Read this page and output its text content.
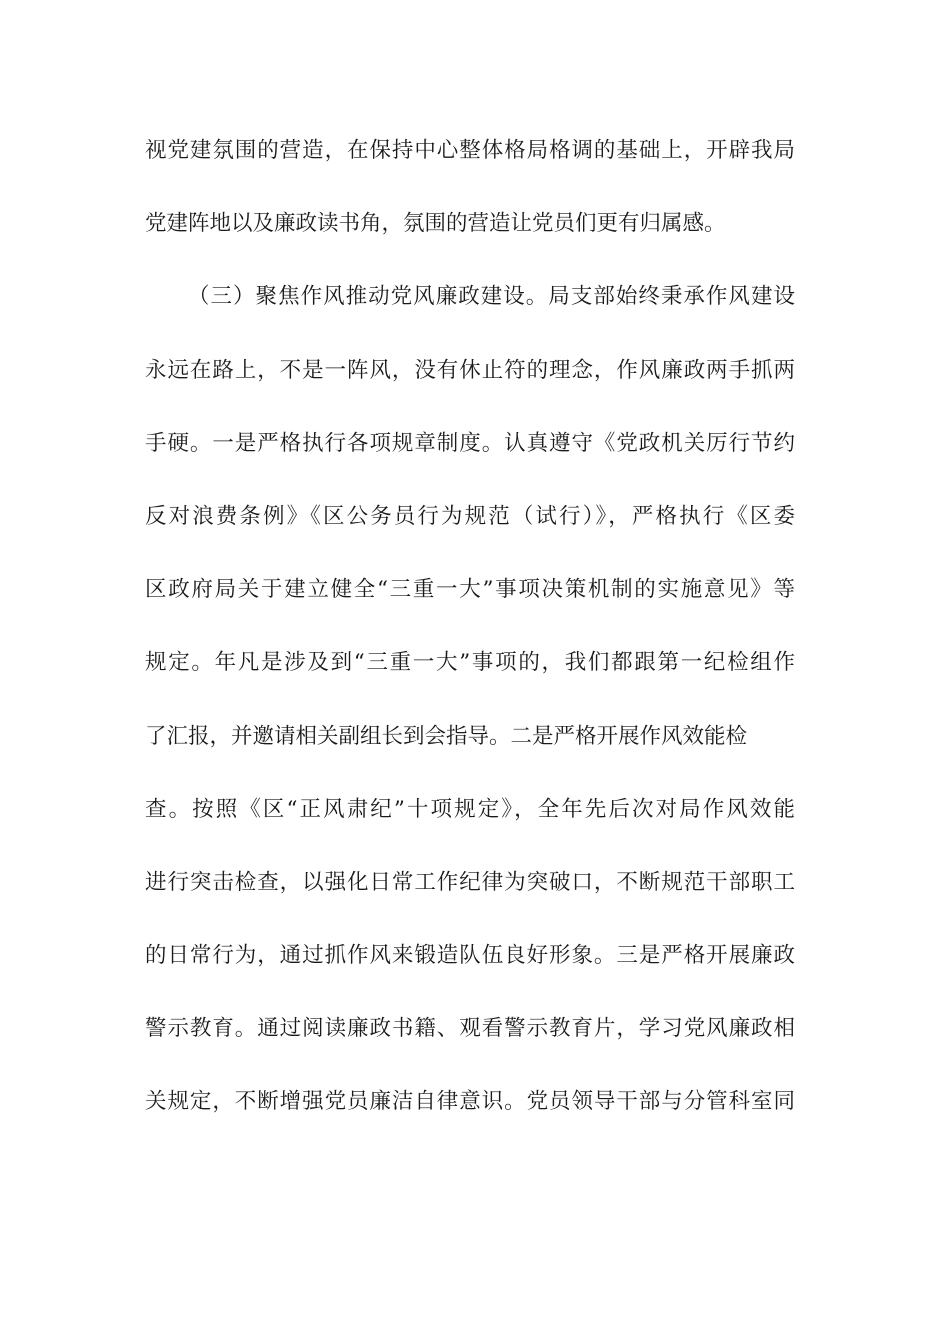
视党建氛围的营造，在保持中心整体格局格调的基础上，开辟我局
党建阵地以及廉政读书角，氛围的营造让党员们更有归属感。
（三）聚焦作风推动党风廉政建设。局支部始终秉承作风建设
永远在路上，不是一阵风，没有休止符的理念，作风廉政两手抓两
手硬。一是严格执行各项规章制度。认真遵守《党政机关厉行节约
反对浪费条例》《区公务员行为规范（试行）》，严格执行《区委
区政府局关于建立健全“三重一大”事项决策机制的实施意见》等
规定。年凡是涉及到“三重一大”事项的，我们都跟第一纪检组作
了汇报，并邀请相关副组长到会指导。二是严格开展作风效能检
查。按照《区“正风肃纪”十项规定》，全年先后次对局作风效能
进行突击检查，以强化日常工作纪律为突破口，不断规范干部职工
的日常行为，通过抓作风来锻造队伍良好形象。三是严格开展廉政
警示教育。通过阅读廉政书籍、观看警示教育片，学习党风廉政相
关规定，不断增强党员廉洁自律意识。党员领导干部与分管科室同
